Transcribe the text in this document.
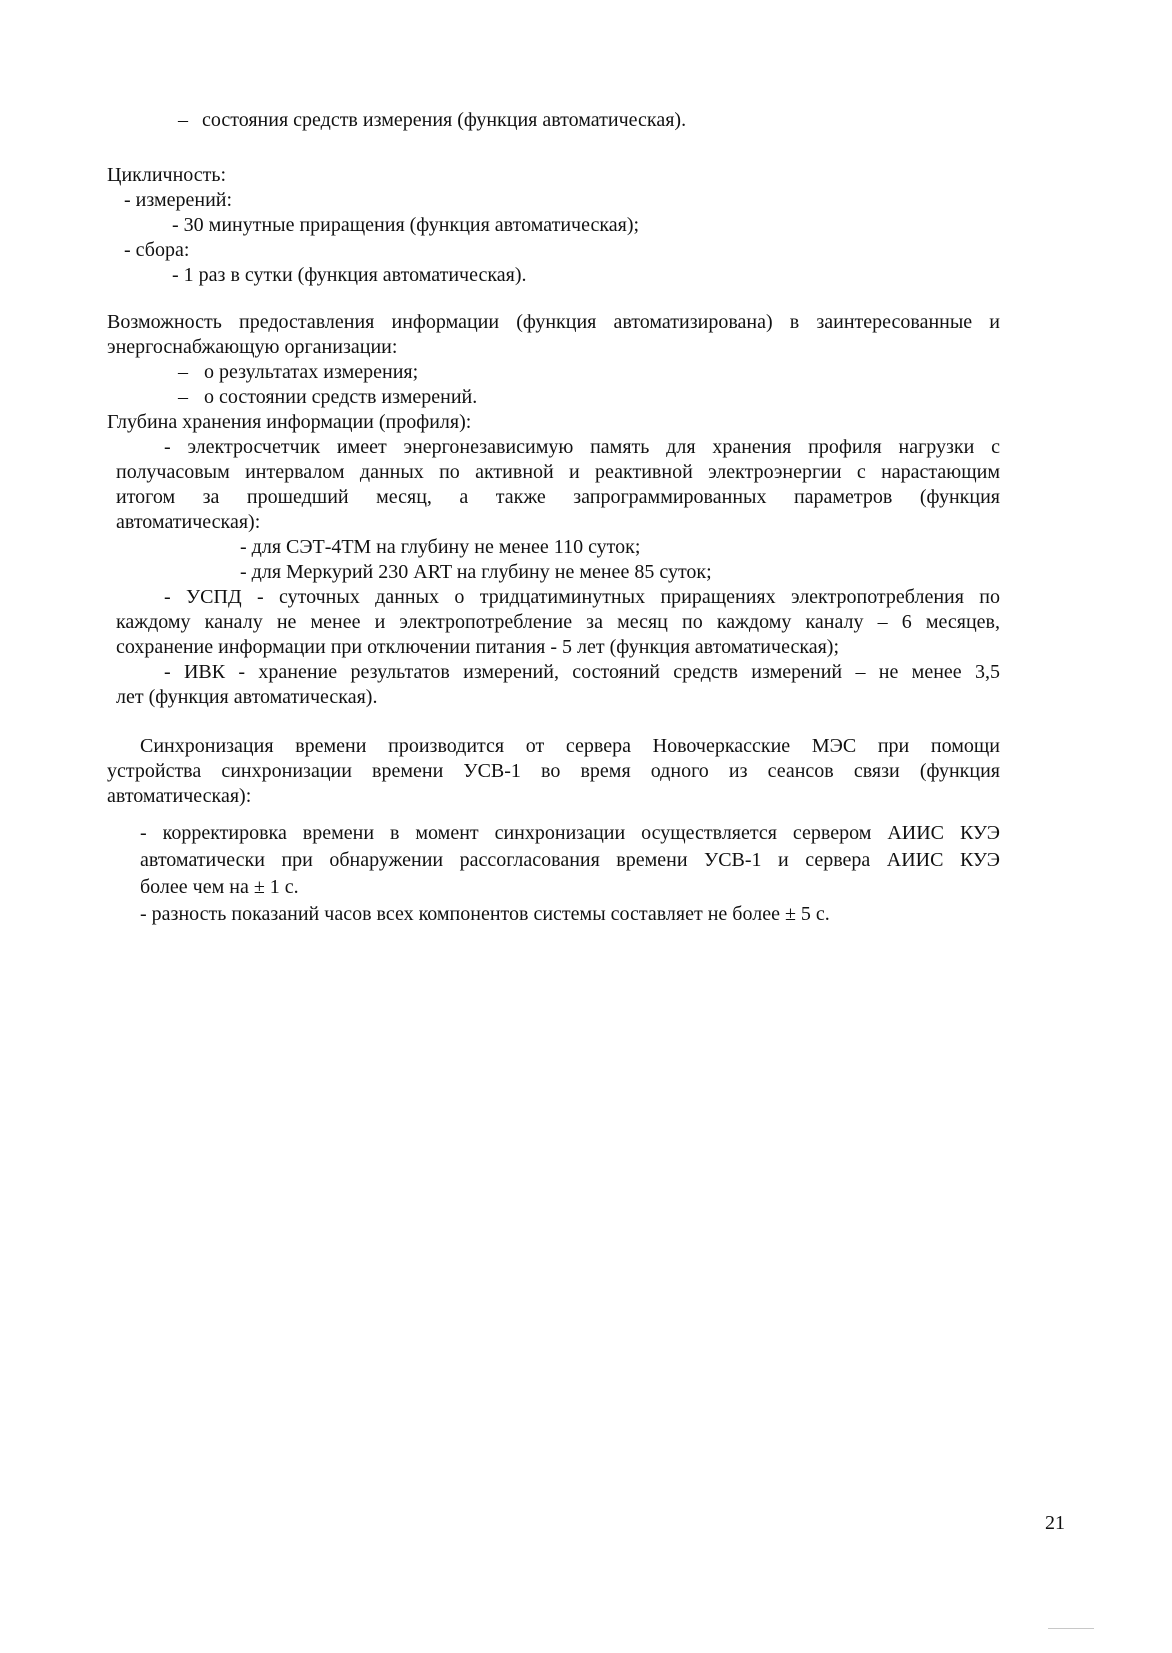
– состояния средств измерения (функция автоматическая).
Цикличность:
- измерений:
- 30 минутные приращения (функция автоматическая);
- сбора:
- 1 раз в сутки (функция автоматическая).
Возможность предоставления информации (функция автоматизирована) в заинтересованные и
энергоснабжающую организации:
– о результатах измерения;
– о состоянии средств измерений.
Глубина хранения информации (профиля):
- электросчетчик имеет энергонезависимую память для хранения профиля нагрузки с
получасовым интервалом данных по активной и реактивной электроэнергии с нарастающим
итогом за прошедший месяц, а также запрограммированных параметров (функция
автоматическая):
- для СЭТ-4ТМ на глубину не менее 110 суток;
- для Меркурий 230 ART на глубину не менее 85 суток;
- УСПД - суточных данных о тридцатиминутных приращениях электропотребления по
каждому каналу не менее и электропотребление за месяц по каждому каналу – 6 месяцев,
сохранение информации при отключении питания - 5 лет (функция автоматическая);
- ИВК - хранение результатов измерений, состояний средств измерений – не менее 3,5
лет (функция автоматическая).
Синхронизация времени производится от сервера Новочеркасские МЭС при помощи
устройства синхронизации времени УСВ-1 во время одного из сеансов связи (функция
автоматическая):
- корректировка времени в момент синхронизации осуществляется сервером АИИС КУЭ
автоматически при обнаружении рассогласования времени УСВ-1 и сервера АИИС КУЭ
более чем на ± 1 с.
- разность показаний часов всех компонентов системы составляет не более ± 5 с.
21
